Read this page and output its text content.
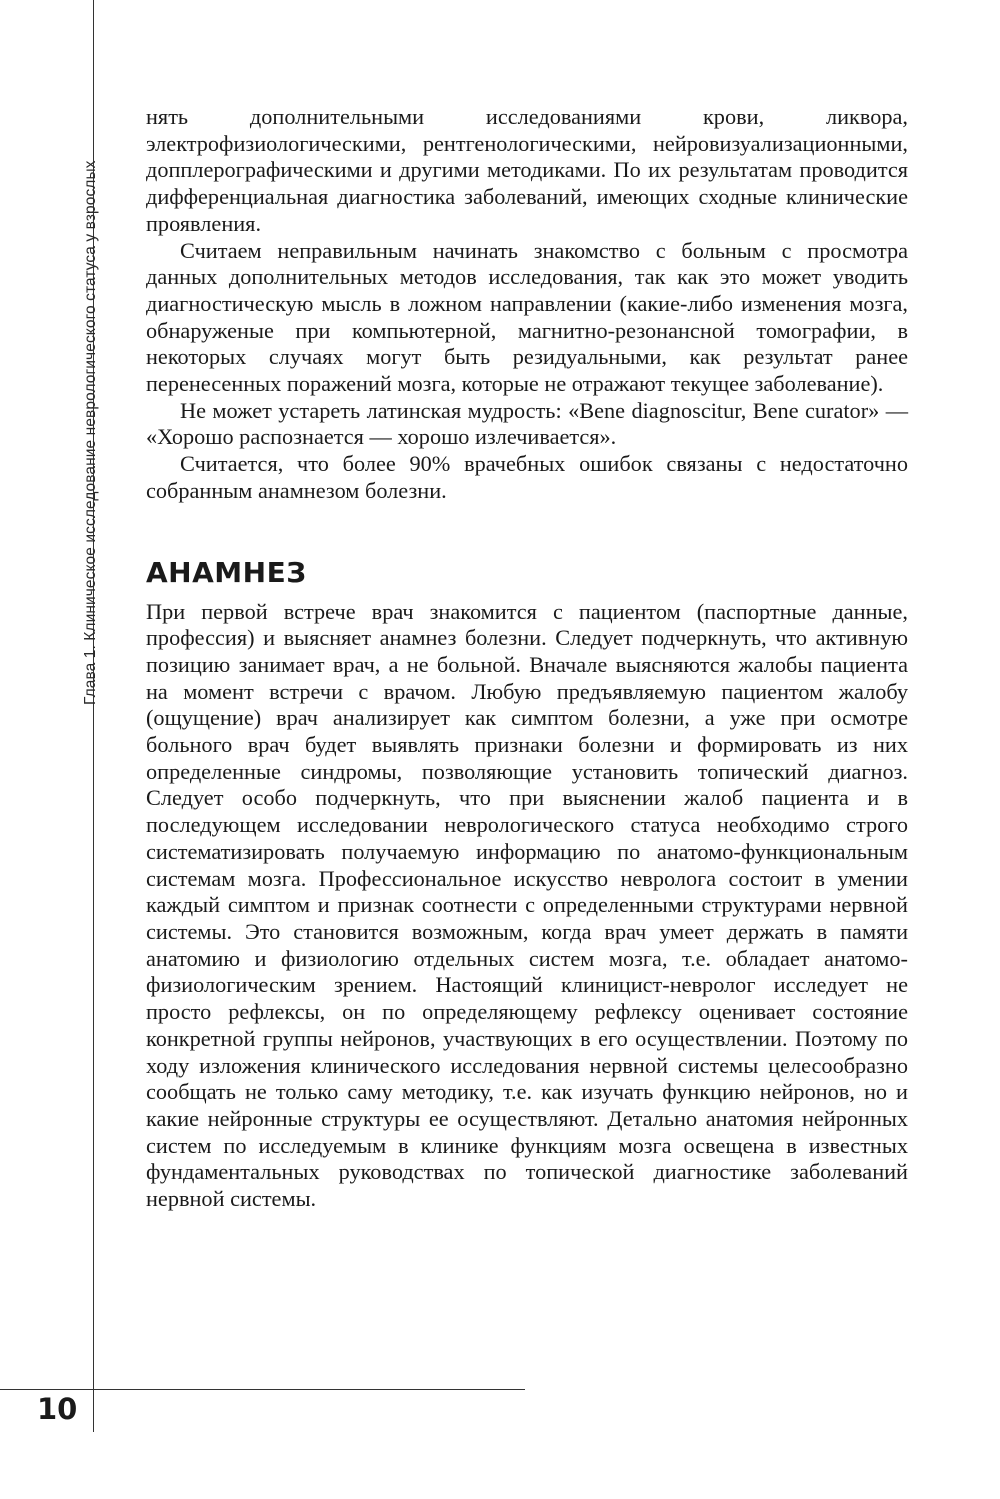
Глава 1. Клиническое исследование неврологического статуса у взрослых
10

нять дополнительными исследованиями крови, ликвора, электрофизиологическими, рентгенологическими, нейровизуализационными, допплерографическими и другими методиками. По их результатам проводится дифференциальная диагностика заболеваний, имеющих сходные клинические проявления.

Считаем неправильным начинать знакомство с больным с просмотра данных дополнительных методов исследования, так как это может уводить диагностическую мысль в ложном направлении (какие-либо изменения мозга, обнаруженые при компьютерной, магнитно-резонансной томографии, в некоторых случаях могут быть резидуальными, как результат ранее перенесенных поражений мозга, которые не отражают текущее заболевание).

Не может устареть латинская мудрость: «Bene diagnoscitur, Bene curator» — «Хорошо распознается — хорошо излечивается».

Считается, что более 90% врачебных ошибок связаны с недостаточно собранным анамнезом болезни.

АНАМНЕЗ

При первой встрече врач знакомится с пациентом (паспортные данные, профессия) и выясняет анамнез болезни. Следует подчеркнуть, что активную позицию занимает врач, а не больной. Вначале выясняются жалобы пациента на момент встречи с врачом. Любую предъявляемую пациентом жалобу (ощущение) врач анализирует как симптом болезни, а уже при осмотре больного врач будет выявлять признаки болезни и формировать из них определенные синдромы, позволяющие установить топический диагноз. Следует особо подчеркнуть, что при выяснении жалоб пациента и в последующем исследовании неврологического статуса необходимо строго систематизировать получаемую информацию по анатомо-функциональным системам мозга. Профессиональное искусство невролога состоит в умении каждый симптом и признак соотнести с определенными структурами нервной системы. Это становится возможным, когда врач умеет держать в памяти анатомию и физиологию отдельных систем мозга, т.е. обладает анатомо-физиологическим зрением. Настоящий клиницист-невролог исследует не просто рефлексы, он по определяющему рефлексу оценивает состояние конкретной группы нейронов, участвующих в его осуществлении. Поэтому по ходу изложения клинического исследования нервной системы целесообразно сообщать не только саму методику, т.е. как изучать функцию нейронов, но и какие нейронные структуры ее осуществляют. Детально анатомия нейронных систем по исследуемым в клинике функциям мозга освещена в известных фундаментальных руководствах по топической диагностике заболеваний нервной системы.
